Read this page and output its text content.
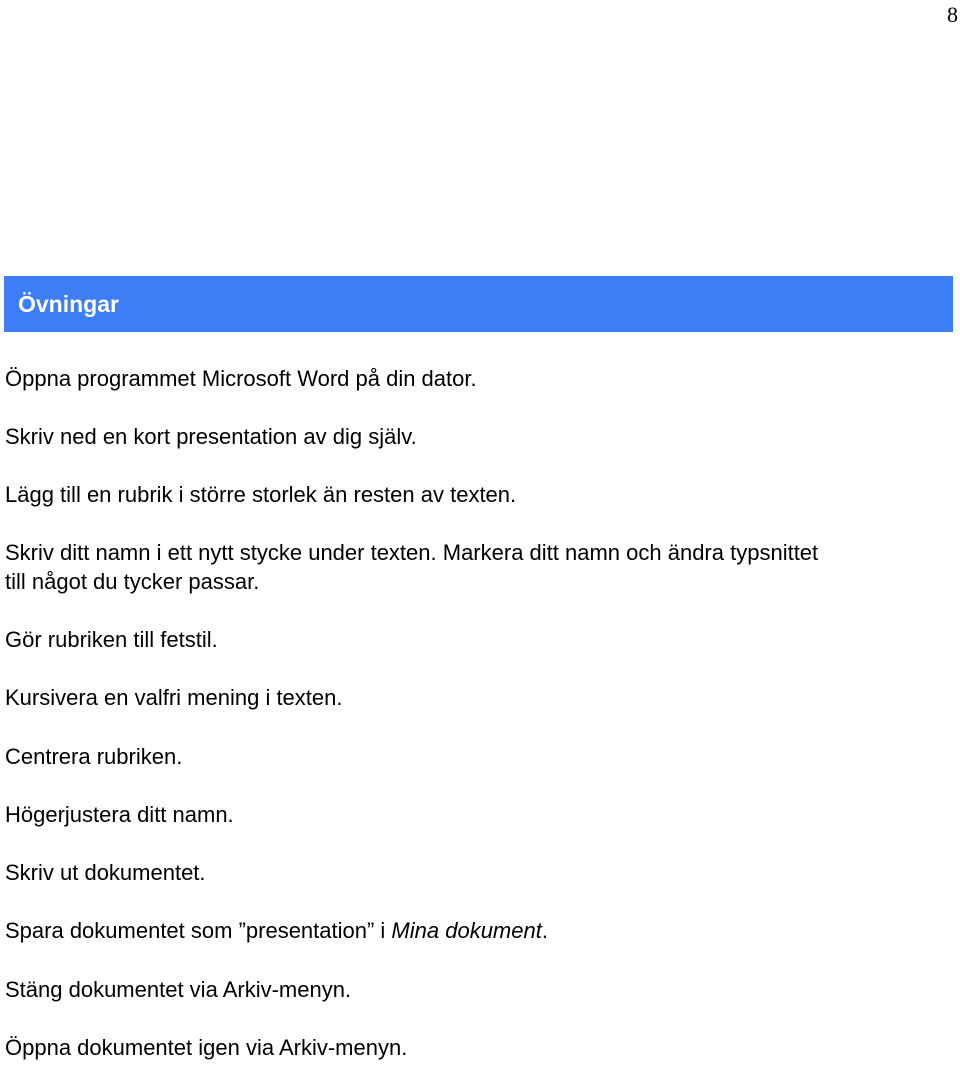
8
Övningar
Öppna programmet Microsoft Word på din dator.
Skriv ned en kort presentation av dig själv.
Lägg till en rubrik i större storlek än resten av texten.
Skriv ditt namn i ett nytt stycke under texten. Markera ditt namn och ändra typsnittet
till något du tycker passar.
Gör rubriken till fetstil.
Kursivera en valfri mening i texten.
Centrera rubriken.
Högerjustera ditt namn.
Skriv ut dokumentet.
Spara dokumentet som ”presentation” i Mina dokument.
Stäng dokumentet via Arkiv-menyn.
Öppna dokumentet igen via Arkiv-menyn.
